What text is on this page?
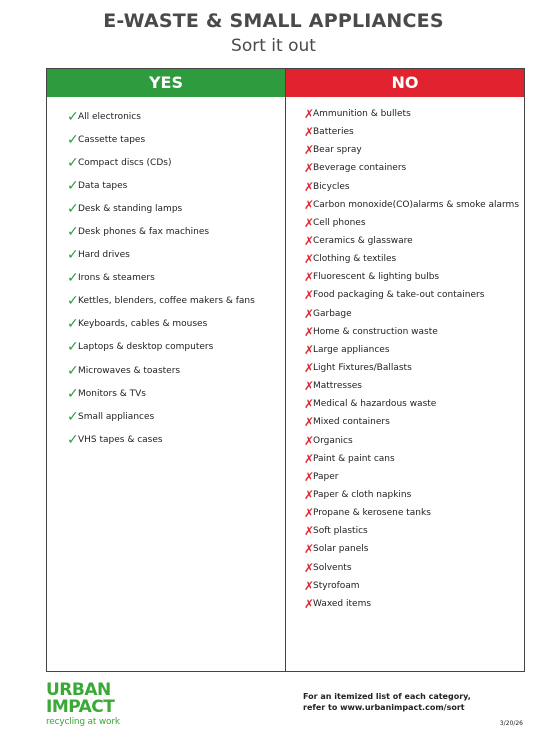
E-WASTE & SMALL APPLIANCES
Sort it out
YES	NO
✓ All electronics
✓ Cassette tapes
✓ Compact discs (CDs)
✓ Data tapes
✓ Desk & standing lamps
✓ Desk phones & fax machines
✓ Hard drives
✓ Irons & steamers
✓ Kettles, blenders, coffee makers & fans
✓ Keyboards, cables & mouses
✓ Laptops & desktop computers
✓ Microwaves & toasters
✓ Monitors & TVs
✓ Small appliances
✓ VHS tapes & cases
✗
Ammunition & bullets
✗
Batteries
✗
Bear spray
✗
Beverage containers
✗
Bicycles
✗
Carbon monoxide(CO)alarms & smoke alarms
✗
Cell phones
✗
Ceramics & glassware
✗
Clothing & textiles
✗
Fluorescent & lighting bulbs
✗
Food packaging & take-out containers
✗
Garbage
✗
Home & construction waste
✗
Large appliances
✗
Light Fixtures/Ballasts
✗
Mattresses
✗
Medical & hazardous waste
✗
Mixed containers
✗
Organics
✗
Paint & paint cans
✗
Paper
✗
Paper & cloth napkins
✗
Propane & kerosene tanks
✗
Soft plastics
✗
Solar panels
✗
Solvents
✗
Styrofoam
✗
Waxed items
URBAN
IMPACT
recycling at work
For an itemized list of each category,
refer to www.urbanimpact.com/sort
3/20/26
